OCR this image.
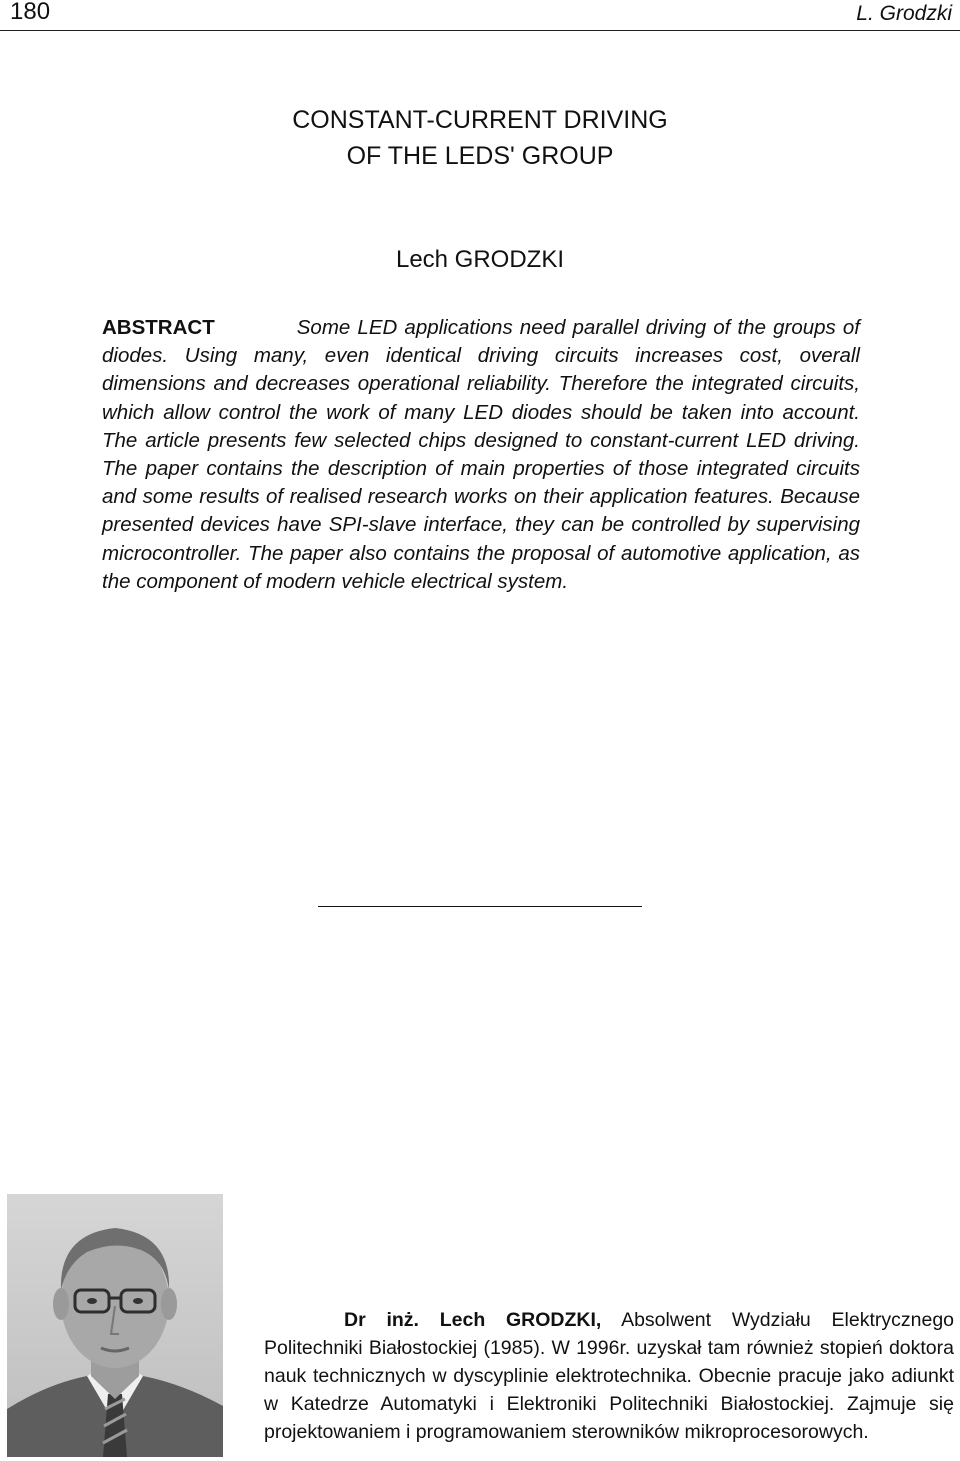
180	L. Grodzki
CONSTANT-CURRENT DRIVING
OF THE LEDS' GROUP
Lech GRODZKI
ABSTRACT	Some LED applications need parallel driving of the groups of diodes. Using many, even identical driving circuits increases cost, overall dimensions and decreases operational reliability. Therefore the integrated circuits, which allow control the work of many LED diodes should be taken into account. The article presents few selected chips designed to constant-current LED driving. The paper contains the description of main properties of those integrated circuits and some results of realised research works on their application features. Because presented devices have SPI-slave interface, they can be controlled by supervising microcontroller. The paper also contains the proposal of automotive application, as the component of modern vehicle electrical system.
Dr inż. Lech GRODZKI, Absolwent Wydziału Elektrycznego Politechniki Białostockiej (1985). W 1996r. uzyskał tam również stopień doktora nauk technicznych w dyscyplinie elektrotechnika. Obecnie pracuje jako adiunkt w Katedrze Automatyki i Elektroniki Politechniki Białostockiej. Zajmuje się projektowaniem i programowaniem sterowników mikroprocesorowych.
